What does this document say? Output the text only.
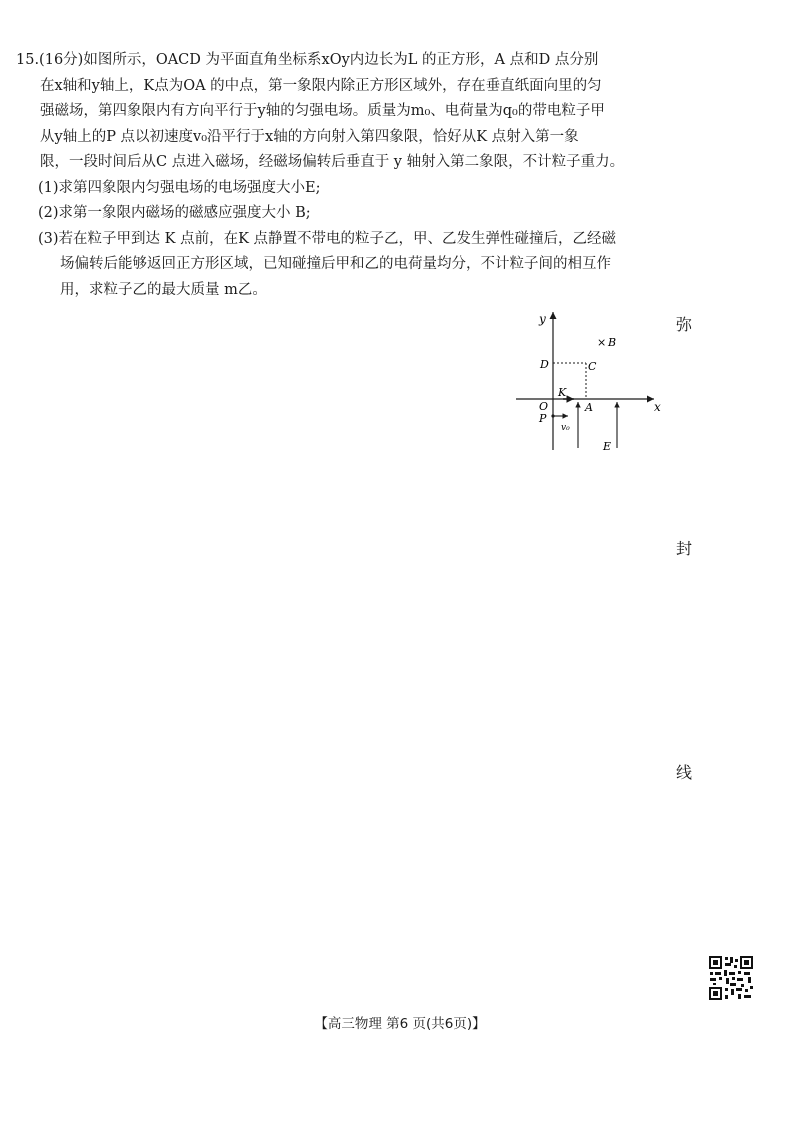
15.(16分)如图所示，OACD 为平面直角坐标系xOy内边长为L 的正方形，A 点和D 点分别

在x轴和y轴上，K点为OA 的中点，第一象限内除正方形区域外，存在垂直纸面向里的匀

强磁场，第四象限内有方向平行于y轴的匀强电场。质量为m₀、电荷量为q₀的带电粒子甲

从y轴上的P 点以初速度v₀沿平行于x轴的方向射入第四象限，恰好从K 点射入第一象

限，一段时间后从C 点进入磁场，经磁场偏转后垂直于 y 轴射入第二象限，不计粒子重力。

(1)求第四象限内匀强电场的电场强度大小E;

(2)求第一象限内磁场的磁感应强度大小 B;

(3)若在粒子甲到达 K 点前，在K 点静置不带电的粒子乙，甲、乙发生弹性碰撞后，乙经磁

场偏转后能够返回正方形区域，已知碰撞后甲和乙的电荷量均分，不计粒子间的相互作

用，求粒子乙的最大质量 m乙。

y
x
O
K
A
C
D
P
× B
E
v₀
弥
封
线
【高三物理 第6 页(共6页)】
